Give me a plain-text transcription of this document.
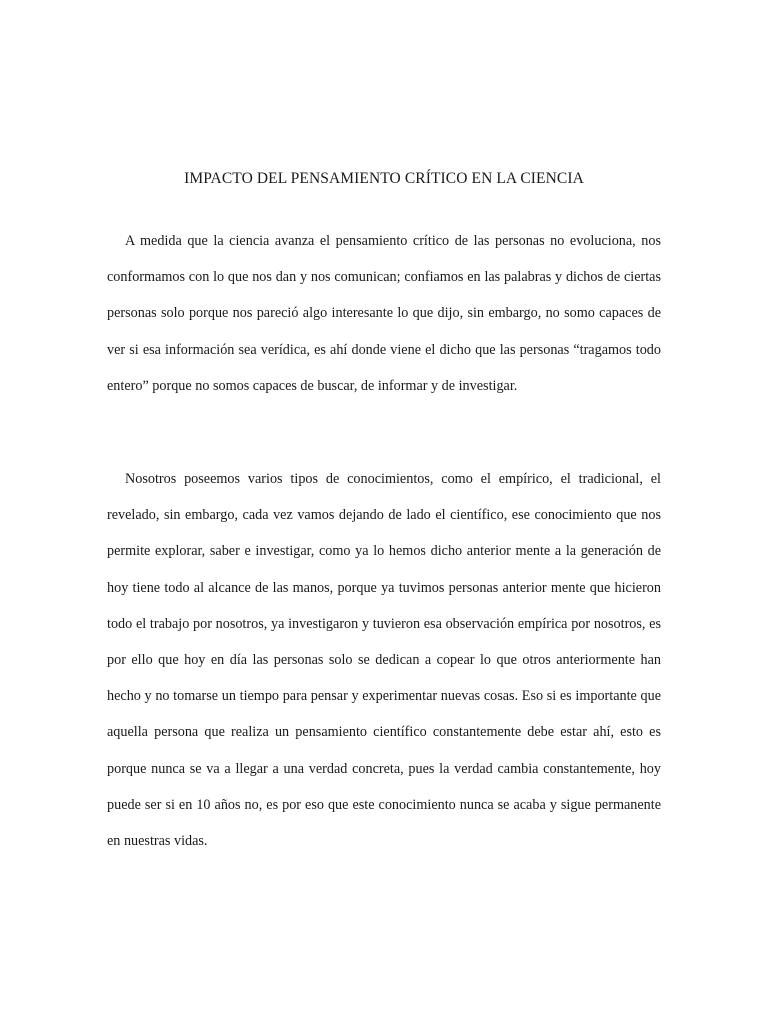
IMPACTO DEL PENSAMIENTO CRÍTICO EN LA CIENCIA

A medida que la ciencia avanza el pensamiento crítico de las personas no evoluciona, nos conformamos con lo que nos dan y nos comunican; confiamos en las palabras y dichos de ciertas personas solo porque nos pareció algo interesante lo que dijo, sin embargo, no somo capaces de ver si esa información sea verídica, es ahí donde viene el dicho que las personas “tragamos todo entero” porque no somos capaces de buscar, de informar y de investigar.

Nosotros poseemos varios tipos de conocimientos, como el empírico, el tradicional, el revelado, sin embargo, cada vez vamos dejando de lado el científico, ese conocimiento que nos permite explorar, saber e investigar, como ya lo hemos dicho anterior mente a la generación de hoy tiene todo al alcance de las manos, porque ya tuvimos personas anterior mente que hicieron todo el trabajo por nosotros, ya investigaron y tuvieron esa observación empírica por nosotros, es por ello que hoy en día las personas solo se dedican a copear lo que otros anteriormente han hecho y no tomarse un tiempo para pensar y experimentar nuevas cosas. Eso si es importante que aquella persona que realiza un pensamiento científico constantemente debe estar ahí, esto es porque nunca se va a llegar a una verdad concreta, pues la verdad cambia constantemente, hoy puede ser si en 10 años no, es por eso que este conocimiento nunca se acaba y sigue permanente en nuestras vidas.
